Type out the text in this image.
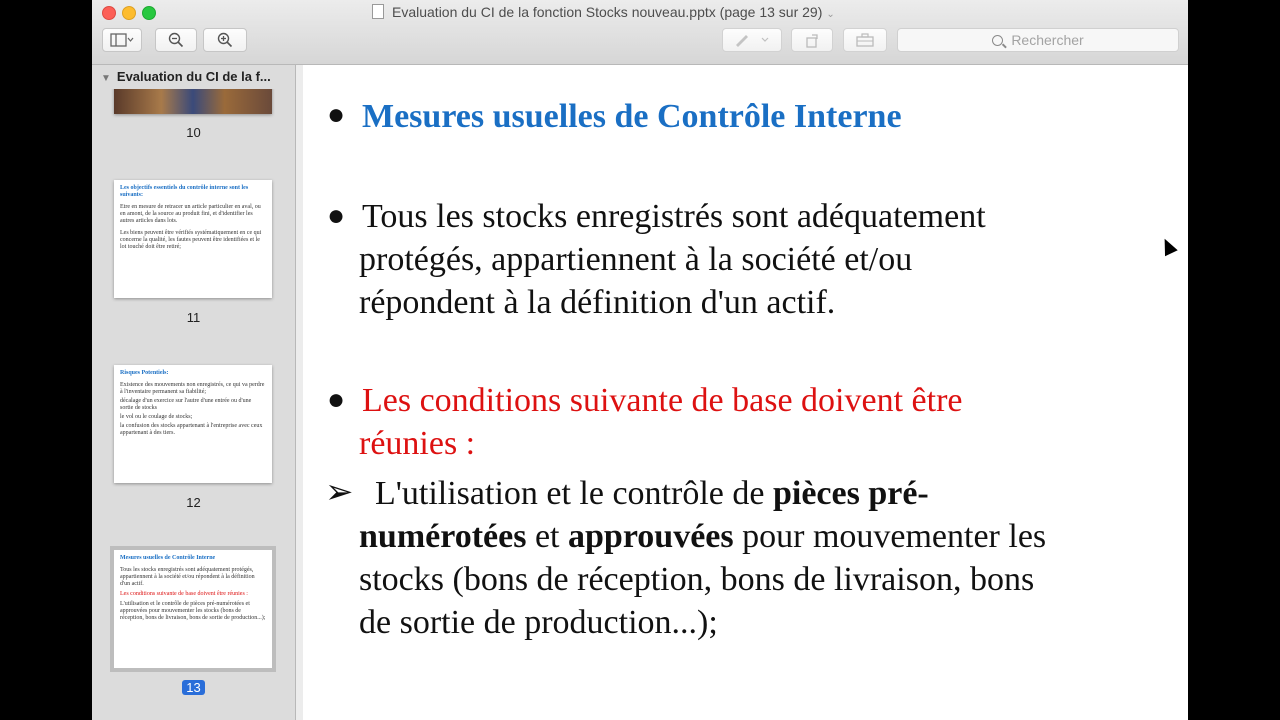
Evaluation du CI de la fonction Stocks nouveau.pptx (page 13 sur 29) ⌄
Rechercher
▼ Evaluation du CI de la f...
10

Les objectifs essentiels du contrôle interne sont les suivants:

Etre en mesure de retracer un article particulier en aval, ou en amont, de la source au produit fini, et d'identifier les autres articles dans lots.

Les biens peuvent être vérifiés systématiquement en ce qui concerne la qualité, les fautes peuvent être identifiées et le lot touché doit être retiré;

11

Risques Potentiels:

Existence des mouvements non enregistrés, ce qui va perdre à l'inventaire permanent sa fiabilité;

décalage d'un exercice sur l'autre d'une entrée ou d'une sortie de stocks

le vol ou le coulage de stocks;

la confusion des stocks appartenant à l'entreprise avec ceux appartenant à des tiers.

12

Mesures usuelles de Contrôle Interne

Tous les stocks enregistrés sont adéquatement protégés, appartiennent à la société et/ou répondent à la définition d'un actif.

Les conditions suivante de base doivent être réunies :

L'utilisation et le contrôle de pièces pré-numérotées et approuvées pour mouvementer les stocks (bons de réception, bons de livraison, bons de sortie de production...);

13
● Mesures usuelles de Contrôle Interne
● Tous les stocks enregistrés sont adéquatement
protégés, appartiennent à la société et/ou
répondent à la définition d'un actif.
● Les conditions suivante de base doivent être
réunies :
➢ L'utilisation et le contrôle de pièces pré-
numérotées et approuvées pour mouvementer les
stocks (bons de réception, bons de livraison, bons
de sortie de production...);
